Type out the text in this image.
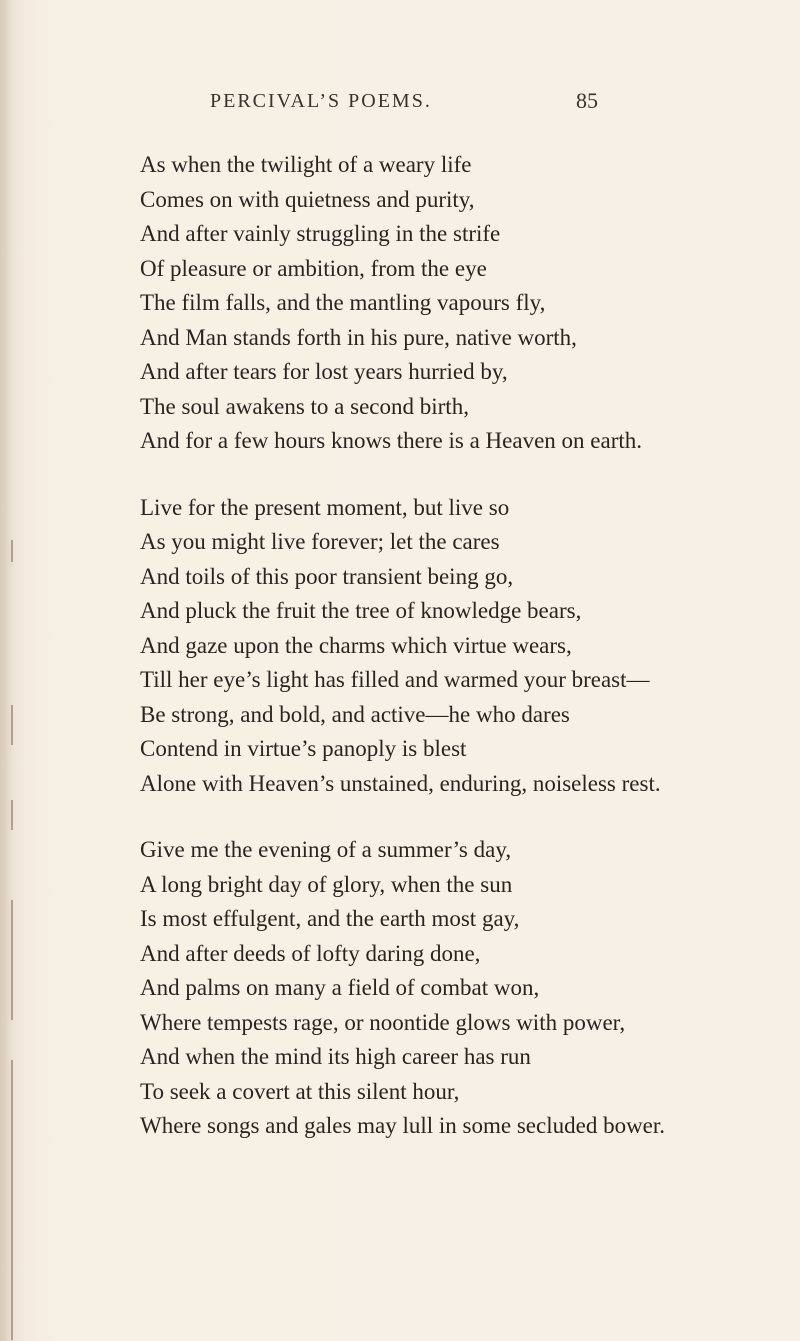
PERCIVAL’S POEMS.	85
As when the twilight of a weary life
Comes on with quietness and purity,
And after vainly struggling in the strife
Of pleasure or ambition, from the eye
The film falls, and the mantling vapours fly,
And Man stands forth in his pure, native worth,
And after tears for lost years hurried by,
The soul awakens to a second birth,
And for a few hours knows there is a Heaven on earth.
Live for the present moment, but live so
As you might live forever; let the cares
And toils of this poor transient being go,
And pluck the fruit the tree of knowledge bears,
And gaze upon the charms which virtue wears,
Till her eye’s light has filled and warmed your breast—
Be strong, and bold, and active—he who dares
Contend in virtue’s panoply is blest
Alone with Heaven’s unstained, enduring, noiseless rest.
Give me the evening of a summer’s day,
A long bright day of glory, when the sun
Is most effulgent, and the earth most gay,
And after deeds of lofty daring done,
And palms on many a field of combat won,
Where tempests rage, or noontide glows with power,
And when the mind its high career has run
To seek a covert at this silent hour,
Where songs and gales may lull in some secluded bower.
